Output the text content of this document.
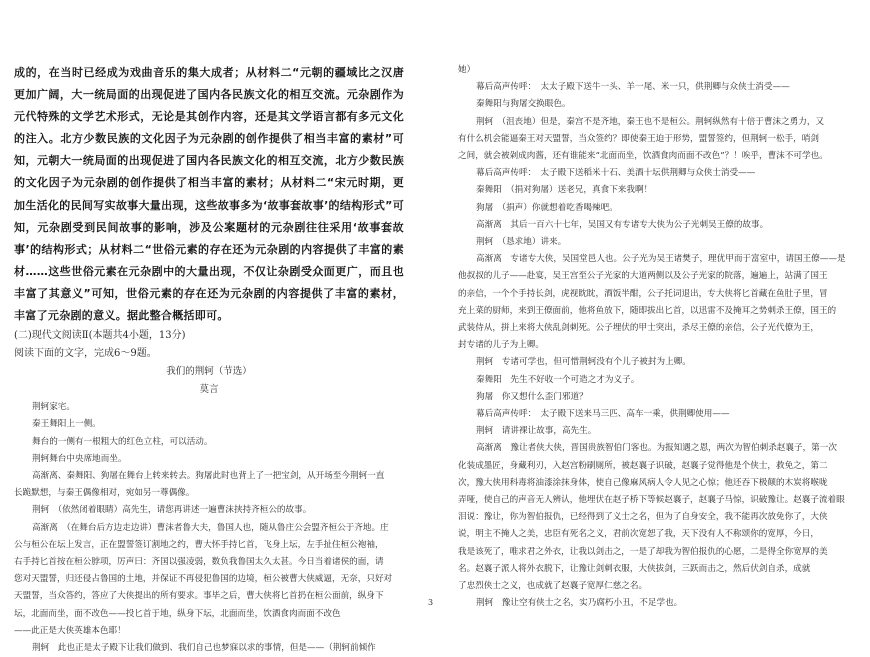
成的，在当时已经成为戏曲音乐的集大成者；从材料二“元朝的疆域比之汉唐更加广阔，大一统局面的出现促进了国内各民族文化的相互交流。元杂剧作为元代特殊的文学艺术形式，无论是其创作内容，还是其文学语言都有多元文化的注入。北方少数民族的文化因子为元杂剧的创作提供了相当丰富的素材”可知，元朝大一统局面的出现促进了国内各民族文化的相互交流，北方少数民族的文化因子为元杂剧的创作提供了相当丰富的素材；从材料二“宋元时期，更加生活化的民间写实故事大量出现，这些故事多为‘故事套故事’的结构形式”可知，元杂剧受到民间故事的影响，涉及公案题材的元杂剧往往采用‘故事套故事’的结构形式；从材料二“世俗元素的存在还为元杂剧的内容提供了丰富的素材……这些世俗元素在元杂剧中的大量出现，不仅让杂剧受众面更广，而且也丰富了其意义”可知，世俗元素的存在还为元杂剧的内容提供了丰富的素材，丰富了元杂剧的意义。据此整合概括即可。

(二)现代文阅读Ⅱ(本题共4小题，13分)

阅读下面的文字，完成6～9题。

我们的荆轲（节选）

莫言

荆轲家宅。

秦王舞阳上一侧。

舞台的一侧有一根粗大的红色立柱，可以活动。

荆轲舞台中央席地而坐。

高渐离、秦舞阳、狗屠在舞台上转来转去。狗屠此时也背上了一把宝剑，从开场至今荆轲一直

长跪默想，与秦王偶像相对，宛如另一尊偶像。

荆轲　（依然闭着眼睛）高先生，请您再讲述一遍曹沫挟持齐桓公的故事。

高渐离　（在舞台后方边走边讲）曹沫者鲁大夫，鲁国人也，随从鲁庄公会盟齐桓公于齐地。庄

公与桓公在坛上发言，正在盟誓签订割地之约，曹大怀手持匕首，飞身上坛，左手扯住桓公袍袖，

右手持匕首按在桓公脖项，厉声曰：齐国以强凌弱，数负我鲁国太久太甚。今日当着诸侯的面，请

您对天盟誓，归还侵占鲁国的土地，并保证不再侵犯鲁国的边境，桓公被曹大侠威逼，无奈，只好对

天盟誓，当众答约，答应了大侠提出的所有要求。事毕之后，曹大侠将匕首扔在桓公面前，纵身下

坛，北面而坐，面不改色——投匕首于地，纵身下坛，北面而坐，饮酒食肉而面不改色

——此正是大侠英雄本色耶！

荆轲　此也正是太子殿下让我们做到、我们自己也梦寐以求的事情，但是——（荆轲前倾作

她）

幕后高声传呼：　太太子殿下送牛一头、羊一尾、米一只，供荆卿与众侠士消受——

秦舞阳与狗屠交换眼色。

荆轲　（沮丧地）但是，秦宫不是齐地，秦王也不是桓公。荆轲纵然有十倍于曹沫之勇力，又

有什么机会能逼秦王对天盟誓，当众签约？即使秦王迫于形势，盟誓签约，但荆轲一松手，哨剑

之间，就会被剁成肉酱，还有谁能来“北面而坐，饮酒食肉而面不改色”？！唉乎，曹沫不可学也。

幕后高声传呼：　太子殿下送稻米十石、美酒十坛供荆卿与众侠士消受——

秦舞阳　（捐对狗屠）送老兄，真食下来我啊！

狗屠　（捐声）你就想着吃香喝辣吧。

高渐离　其后一百六十七年，吴国又有专诸专大侠为公子光刺吴王僚的故事。

荆轲　（恳求地）讲来。

高渐离　专诸专大侠，吴国堂邑人也。公子光为吴王诸樊子，理优甲而于富室中，请国王僚——是

他叔叔的儿子——赴宴，吴王宫至公子光家的大道两侧以及公子光家的院落，遍遍上，站满了国王

的亲信，一个个手持长剑，虎视眈眈，酒饭半酣，公子托词退出，专大侠将匕首藏在鱼肚子里，冒

充上菜的厨师，来到王僚面前，他将鱼放下，随即拔出匕首，以迅雷不及掩耳之势刺杀王僚，国王的

武装侍从，拼上来将大侠乱剑刺死。公子埋伏的甲士突出，杀尽王僚的亲信，公子光代僚为王，

封专诸的儿子为上卿。

荆轲　专诸可学也，但可惜荆轲没有个儿子被封为上卿。

秦舞阳　先生不好收一个可造之才为义子。

狗屠　你又想什么歪门邪道？

幕后高声传呼：　太子殿下送来马三匹、高车一乘，供荆卿使用——

荆轲　请讲裸让故事，高先生。

高渐离　豫让者侠大侠，晋国贵族智伯门客也。为报知遇之恩，两次为智伯刺杀赵襄子，第一次

化装成墨匠，身藏利刃，入赵宫粉刷厕所，被赵襄子识破，赵襄子觉得他是个侠士，救免之，第二

次，豫大侠用科毒将油漆涂抹身体，使自己像麻风病人令人见之心惊；他还吞下极颠的木炭将喉咙

弄哑，使自己的声音无人辨认，他埋伏在赵子桥下等候赵襄子，赵襄子马惊，识破豫让。赵襄子流着眼

泪说：豫让，你为智伯报仇，已经得到了义士之名，但为了自身安全，我不能再次放免你了，大侠

说，明主不掩人之美，忠臣有死名之义，君前次宽恕了我，天下没有人不称颂你的宽厚，今日，

我是该死了，唯求君之外衣，让我以剑击之，一是了却我为智伯报仇的心愿，二是得全你宽厚的美

名。赵襄子派人将外衣脱下，让豫让剑刺衣服，大侠拔剑，三跃而击之，然后伏剑自杀，成就

了忠烈侠士之义，也成就了赵襄子宽厚仁慈之名。

荆轲　豫让空有侠士之名，实乃腐朽小丑，不足学也。

3
